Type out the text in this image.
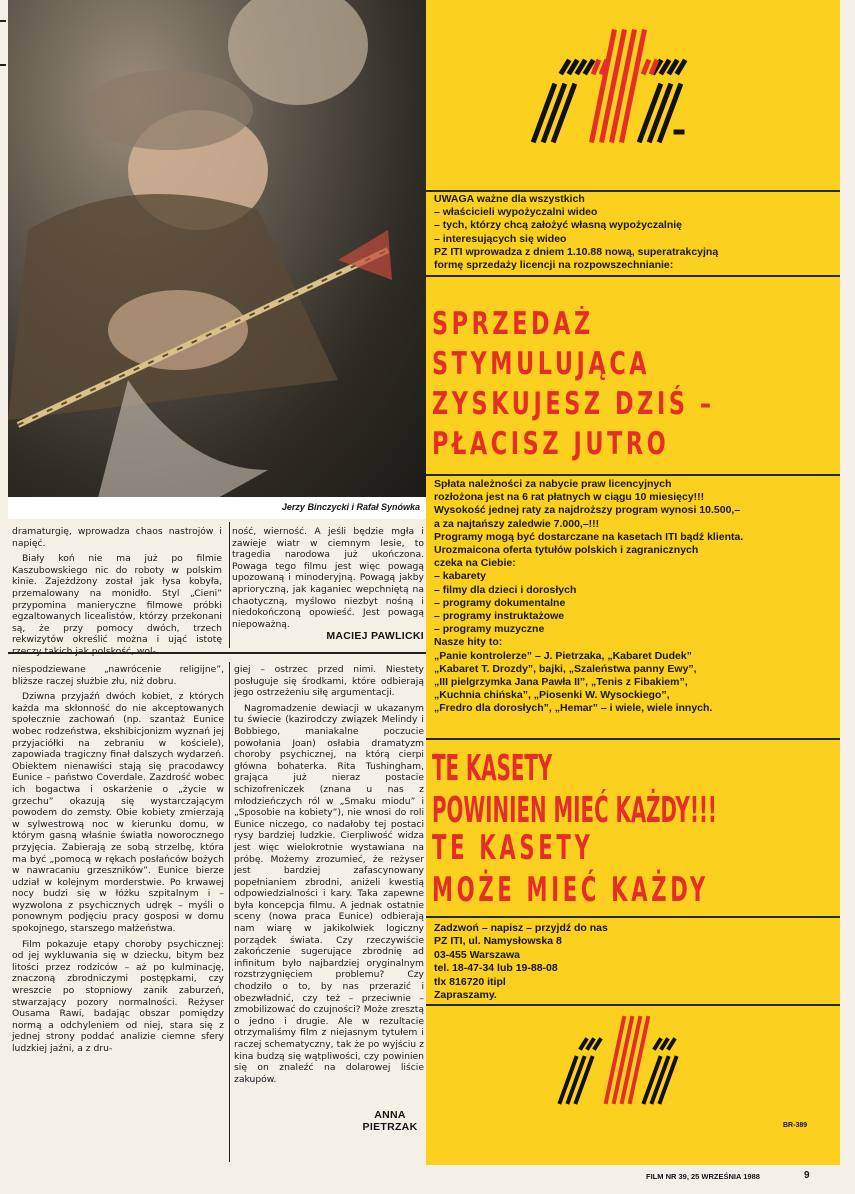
Jerzy Binczycki i Rafał Synówka

dramaturgię, wprowadza chaos nastrojów i napięć.

Biały koń nie ma już po filmie Kaszubowskiego nic do roboty w polskim kinie. Zajeżdżony został jak łysa kobyła, przemalowany na monidło. Styl „Cieni” przypomina manieryczne filmowe próbki egzaltowanych licealistów, którzy przekonani są, że przy pomocy dwóch, trzech rekwizytów określić można i ująć istotę

ność, wierność. A jeśli będzie mgła i zawieje wiatr w ciemnym lesie, to tragedia narodowa już ukończona. Powaga tego filmu jest więc powagą upozowaną i minoderyjną. Powagą jakby aprioryczną, jak kaganiec wepchniętą na chaotyczną, myślowo niezbyt nośną i niedokończoną opowieść. Jest powagą niepoważną.

MACIEJ PAWLICKI

niespodziewane „nawrócenie religijne”, bliższe raczej służbie złu, niż dobru.

Dziwna przyjaźń dwóch kobiet, z których każda ma skłonność do nie akceptowanych społecznie zachowań (np. szantaż Eunice wobec rodzeństwa, ekshibicjonizm wyznań jej przyjaciółki na zebraniu w kościele), zapowiada tragiczny finał dalszych wydarzeń. Obiektem nienawiści stają się pracodawcy Eunice – państwo Coverdale. Zazdrość wobec ich bogactwa i oskarżenie o „życie w grzechu” okazują się wystarczającym powodem do zemsty. Obie kobiety zmierzają w sylwestrową noc w kierunku domu, w którym gasną właśnie światła noworocznego przyjęcia. Zabierają ze sobą strzelbę, która ma być „pomocą w rękach posłańców bożych w nawracaniu grzeszników”. Eunice bierze udział w kolejnym morderstwie. Po krwawej nocy budzi się w łóżku szpitalnym i – wyzwolona z psychicznych udręk – myśli o ponownym podjęciu pracy gosposi w domu spokojnego, starszego małżeństwa.

Film pokazuje etapy choroby psychicznej: od jej wykluwania się w dziecku, bitym bez litości przez rodziców – aż po kulminację, znaczoną zbrodniczymi postępkami, czy wreszcie po stopniowy zanik zaburzeń, stwarzający pozory normalności. Reżyser Ousama Rawi, badając obszar pomiędzy normą a odchyleniem od niej, stara się z jednej strony poddać analizie ciemne sfery ludzkiej jaźni, a z dru-

giej – ostrzec przed nimi. Niestety posługuje się środkami, które odbierają jego ostrzeżeniu siłę argumentacji.

Nagromadzenie dewiacji w ukazanym tu świecie (kazirodczy związek Melindy i Bobbiego, maniakalne poczucie powołania Joan) osłabia dramatyzm choroby psychicznej, na którą cierpi główna bohaterka. Rita Tushingham, grająca już nieraz postacie schizofreniczek (znana u nas z młodzieńczych ról w „Smaku miodu” i „Sposobie na kobiety”), nie wnosi do roli Eunice niczego, co nadałoby tej postaci rysy bardziej ludzkie. Cierpliwość widza jest więc wielokrotnie wystawiana na próbę. Możemy zrozumieć, że reżyser jest bardziej zafascynowany popełnianiem zbrodni, aniżeli kwestią odpowiedzialności i kary. Taka zapewne była koncepcja filmu. A jednak ostatnie sceny (nowa praca Eunice) odbierają nam wiarę w jakikolwiek logiczny porządek świata. Czy rzeczywiście zakończenie sugerujące zbrodnię ad infinitum było najbardziej oryginalnym rozstrzygnięciem problemu? Czy chodziło o to, by nas przerazić i obezwładnić, czy też – przeciwnie – zmobilizować do czujności? Może zresztą o jedno i drugie. Ale w rezultacie otrzymaliśmy film z niejasnym tytułem i raczej schematyczny, tak że po wyjściu z kina budzą się wątpliwości, czy powinien się on znaleźć na dolarowej liście zakupów.

ANNA
PIETRZAK
UWAGA ważne dla wszystkich
– właścicieli wypożyczalni wideo
– tych, którzy chcą założyć własną wypożyczalnię
– interesujących się wideo
PZ ITI wprowadza z dniem 1.10.88 nową, superatrakcyjną
formę sprzedaży licencji na rozpowszechnianie:
SPRZEDAŻ
STYMULUJĄCA
ZYSKUJESZ DZIŚ –
PŁACISZ JUTRO
Spłata należności za nabycie praw licencyjnych
rozłożona jest na 6 rat płatnych w ciągu 10 miesięcy!!!
Wysokość jednej raty za najdroższy program wynosi 10.500,–
a za najtańszy zaledwie 7.000,–!!!
Programy mogą być dostarczane na kasetach ITI bądź klienta.
Urozmaicona oferta tytułów polskich i zagranicznych
czeka na Ciebie:
– kabarety
– filmy dla dzieci i dorosłych
– programy dokumentalne
– programy instruktażowe
– programy muzyczne
Nasze hity to:
„Panie kontrolerze” – J. Pietrzaka, „Kabaret Dudek”
„Kabaret T. Drozdy”, bajki, „Szaleństwa panny Ewy”,
„III pielgrzymka Jana Pawła II”, „Tenis z Fibakiem”,
„Kuchnia chińska”, „Piosenki W. Wysockiego”,
„Fredro dla dorosłych”, „Hemar” – i wiele, wiele innych.
TE KASETY
POWINIEN MIEĆ KAŻDY!!!
TE KASETY
MOŻE MIEĆ KAŻDY
Zadzwoń – napisz – przyjdź do nas
PZ ITI, ul. Namysłowska 8
03-455 Warszawa
tel. 18-47-34 lub 19-88-08
tlx 816720 itipl
Zapraszamy.
BR-389
FILM NR 39, 25 WRZEŚNIA 1988	9
